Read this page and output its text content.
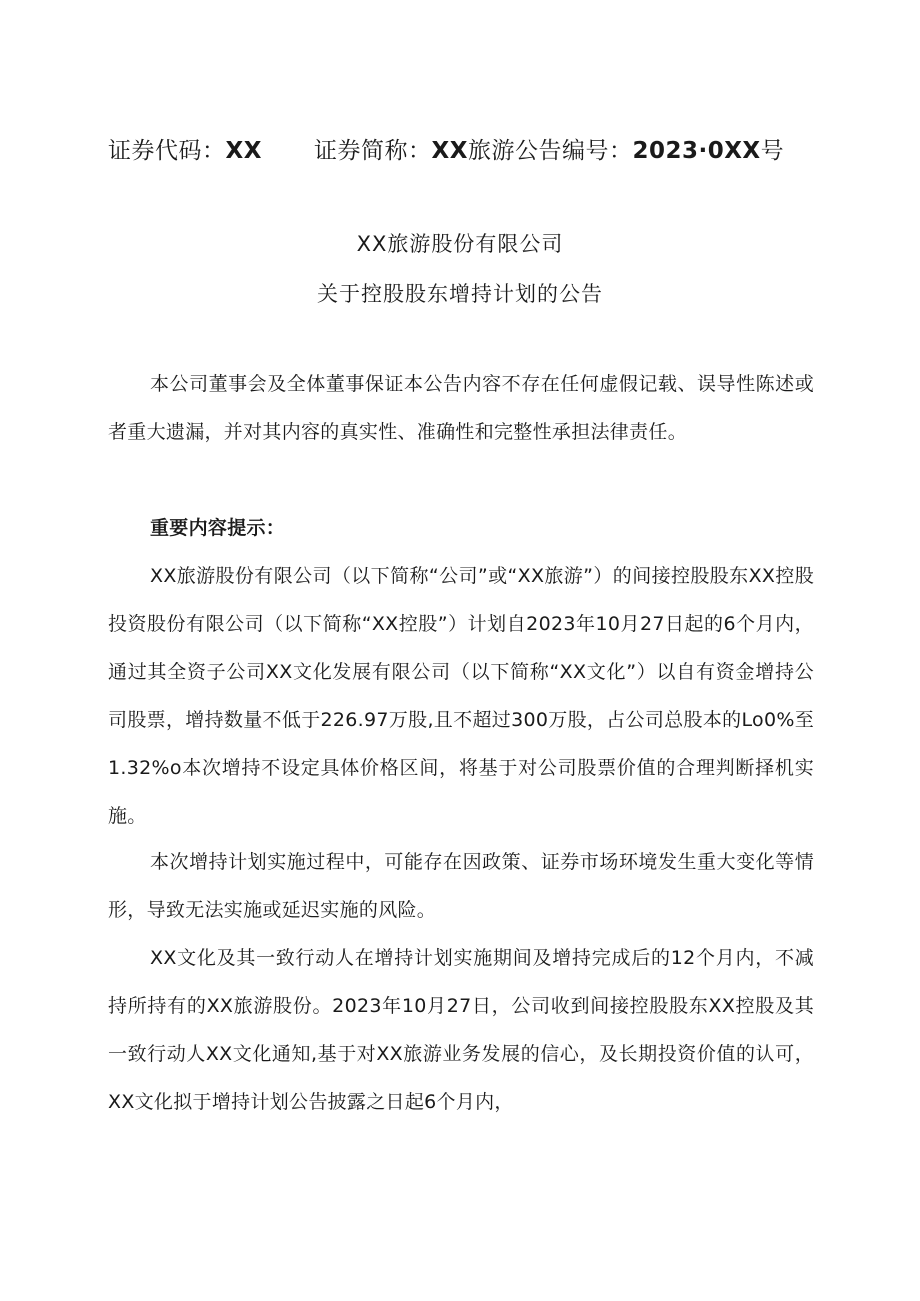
证券代码：XX 证券简称：XX旅游公告编号：2023·0XX号
XX旅游股份有限公司
关于控股股东增持计划的公告

本公司董事会及全体董事保证本公告内容不存在任何虚假记载、误导性陈述或者重大遗漏，并对其内容的真实性、准确性和完整性承担法律责任。

重要内容提示：

XX旅游股份有限公司（以下简称“公司”或“XX旅游”）的间接控股股东XX控股投资股份有限公司（以下简称“XX控股”）计划自2023年10月27日起的6个月内，通过其全资子公司XX文化发展有限公司（以下简称“XX文化”）以自有资金增持公司股票，增持数量不低于226.97万股,且不超过300万股，占公司总股本的Lo0%至1.32%o本次增持不设定具体价格区间，将基于对公司股票价值的合理判断择机实施。

本次增持计划实施过程中，可能存在因政策、证券市场环境发生重大变化等情形，导致无法实施或延迟实施的风险。

XX文化及其一致行动人在增持计划实施期间及增持完成后的12个月内，不减持所持有的XX旅游股份。2023年10月27日，公司收到间接控股股东XX控股及其一致行动人XX文化通知,基于对XX旅游业务发展的信心，及长期投资价值的认可，XX文化拟于增持计划公告披露之日起6个月内，
